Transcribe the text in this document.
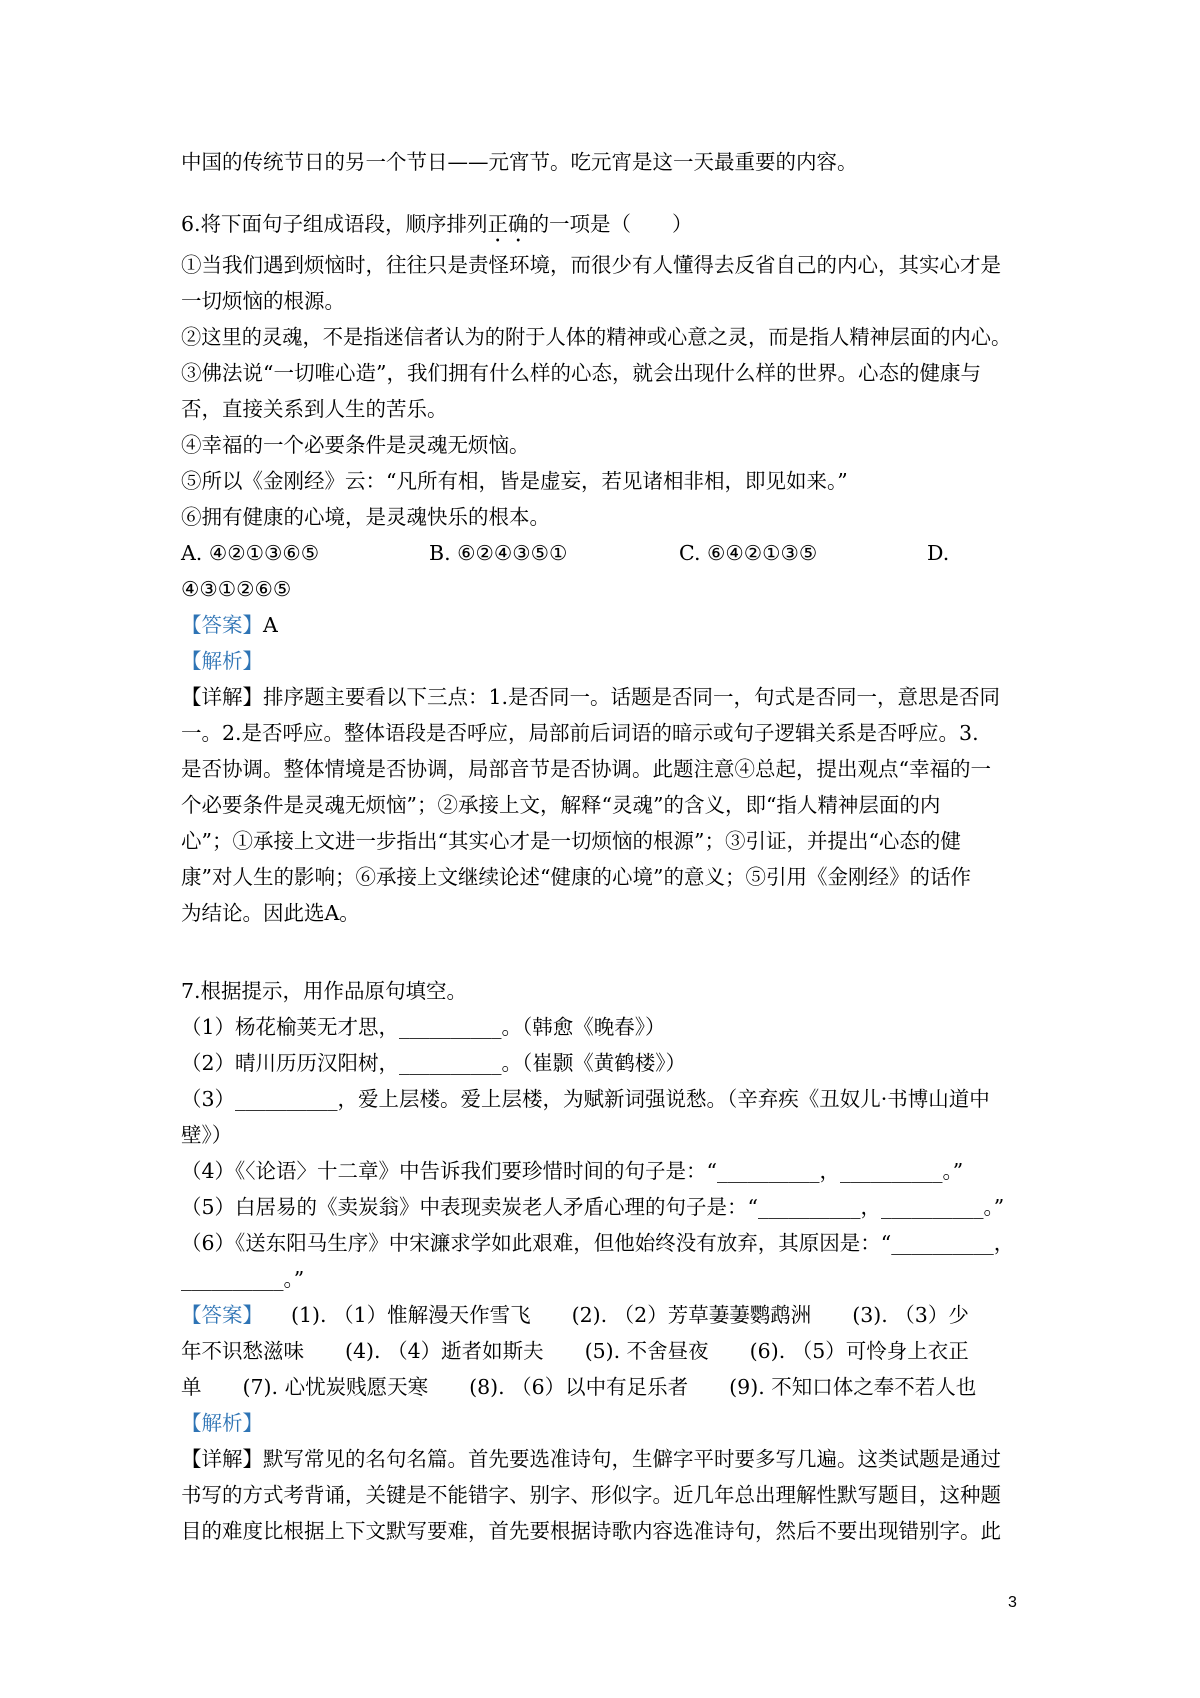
中国的传统节日的另一个节日——元宵节。吃元宵是这一天最重要的内容。

6.将下面句子组成语段，顺序排列正确的一项是（　　）

①当我们遇到烦恼时，往往只是责怪环境，而很少有人懂得去反省自己的内心，其实心才是

一切烦恼的根源。

②这里的灵魂，不是指迷信者认为的附于人体的精神或心意之灵，而是指人精神层面的内心。

③佛法说“一切唯心造”，我们拥有什么样的心态，就会出现什么样的世界。心态的健康与

否，直接关系到人生的苦乐。

④幸福的一个必要条件是灵魂无烦恼。

⑤所以《金刚经》云：“凡所有相，皆是虚妄，若见诸相非相，即见如来。”

⑥拥有健康的心境，是灵魂快乐的根本。

A. ④②①③⑥⑤	B. ⑥②④③⑤①	C. ⑥④②①③⑤	D.

④③①②⑥⑤

【答案】A

【解析】

【详解】排序题主要看以下三点：1.是否同一。话题是否同一，句式是否同一，意思是否同

一。2.是否呼应。整体语段是否呼应，局部前后词语的暗示或句子逻辑关系是否呼应。3.

是否协调。整体情境是否协调，局部音节是否协调。此题注意④总起，提出观点“幸福的一

个必要条件是灵魂无烦恼”；②承接上文，解释“灵魂”的含义，即“指人精神层面的内

心”；①承接上文进一步指出“其实心才是一切烦恼的根源”；③引证，并提出“心态的健

康”对人生的影响；⑥承接上文继续论述“健康的心境”的意义；⑤引用《金刚经》的话作

为结论。因此选A。

7.根据提示，用作品原句填空。

（1）杨花榆荚无才思，__________。（韩愈《晚春》）

（2）晴川历历汉阳树，__________。（崔颢《黄鹤楼》）

（3）__________，爱上层楼。爱上层楼，为赋新词强说愁。（辛弃疾《丑奴儿·书博山道中

壁》）

（4）《〈论语〉十二章》中告诉我们要珍惜时间的句子是：“__________，__________。”

（5）白居易的《卖炭翁》中表现卖炭老人矛盾心理的句子是：“__________，__________。”

（6）《送东阳马生序》中宋濂求学如此艰难，但他始终没有放弃，其原因是：“__________，

__________。”

【答案】 (1). （1）惟解漫天作雪飞　　(2). （2）芳草萋萋鹦鹉洲　　(3). （3）少

年不识愁滋味　　(4). （4）逝者如斯夫　　(5). 不舍昼夜　　(6). （5）可怜身上衣正

单　　(7). 心忧炭贱愿天寒　　(8). （6）以中有足乐者　　(9). 不知口体之奉不若人也

【解析】

【详解】默写常见的名句名篇。首先要选准诗句，生僻字平时要多写几遍。这类试题是通过

书写的方式考背诵，关键是不能错字、别字、形似字。近几年总出理解性默写题目，这种题

目的难度比根据上下文默写要难，首先要根据诗歌内容选准诗句，然后不要出现错别字。此

3
